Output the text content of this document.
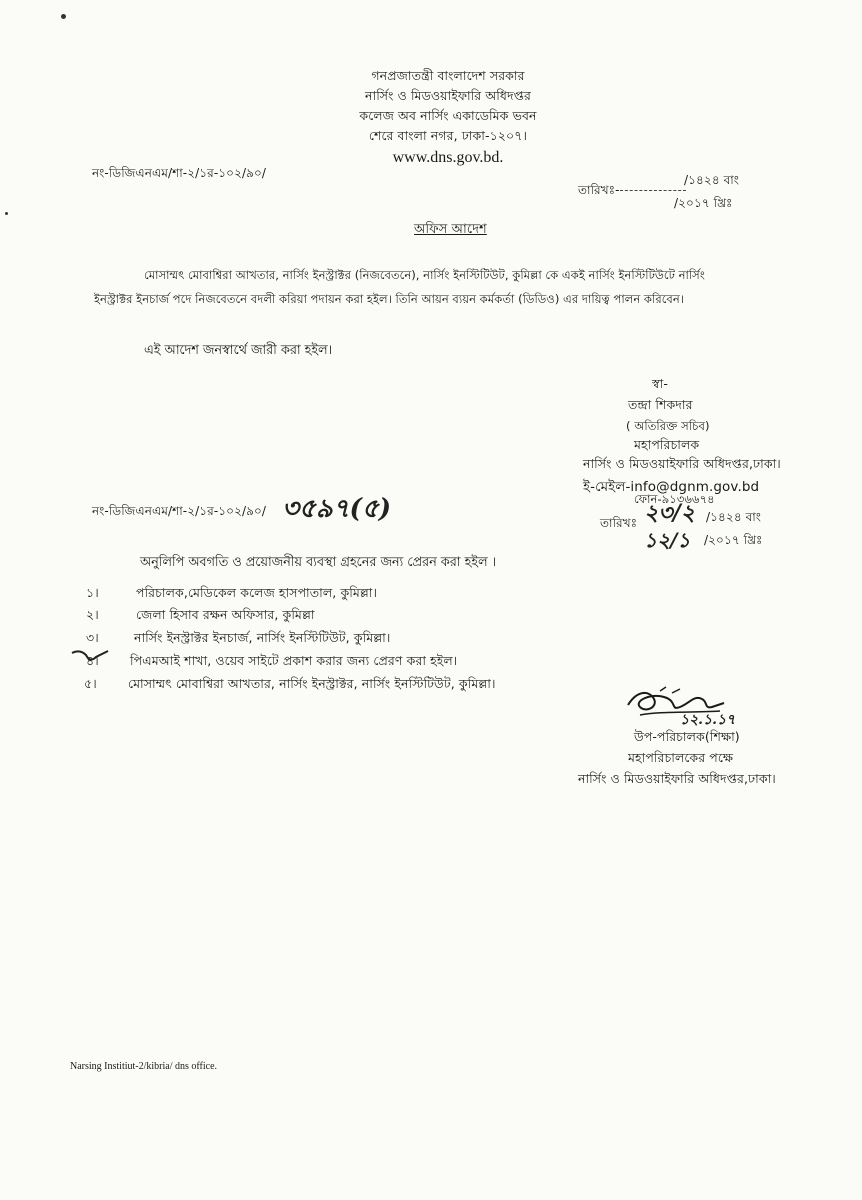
গনপ্রজাতন্ত্রী বাংলাদেশ সরকার
নার্সিং ও মিডওয়াইফারি অধিদপ্তর
কলেজ অব নার্সিং একাডেমিক ভবন
শেরে বাংলা নগর, ঢাকা-১২০৭।
www.dns.gov.bd.
নং-ডিজিএনএম/শা-২/১র-১০২/৯০/
তারিখঃ-
/১৪২৪ বাং
/২০১৭ খ্রিঃ
অফিস আদেশ
মোসাম্মৎ মোবাশ্বিরা আখতার, নার্সিং ইনস্ট্রাক্টর (নিজবেতনে), নার্সিং ইনস্টিটিউট, কুমিল্লা কে একই নার্সিং ইনস্টিটিউটে নার্সিং
ইনস্ট্রাক্টর ইনচার্জ পদে নিজবেতনে বদলী করিয়া পদায়ন করা হইল। তিনি আয়ন ব্যয়ন কর্মকর্তা (ডিডিও) এর দায়িত্ব পালন করিবেন।
এই আদেশ জনস্বার্থে জারী করা হইল।
স্বা-
তন্দ্রা শিকদার
( অতিরিক্ত সচিব)
মহাপরিচালক
নার্সিং ও মিডওয়াইফারি অধিদপ্তর,ঢাকা।
ই-মেইল-info@dgnm.gov.bd
ফোন-৯১৩৬৬৭৪
নং-ডিজিএনএম/শা-২/১র-১০২/৯০/ ৩৫৯৭(৫)	তারিখঃ ২৩/২ /১৪২৪ বাং
১২/১ /২০১৭ খ্রিঃ
অনুলিপি অবগতি ও প্রয়োজনীয় ব্যবস্থা গ্রহনের জন্য প্রেরন করা হইল ।
১।	পরিচালক,মেডিকেল কলেজ হাসপাতাল, কুমিল্লা।
২।	জেলা হিসাব রক্ষন অফিসার, কুমিল্লা
৩।	নার্সিং ইনস্ট্রাক্টর ইনচার্জ, নার্সিং ইনস্টিটিউট, কুমিল্লা।
৪। পিএমআই শাখা, ওয়েব সাইটে প্রকাশ করার জন্য প্রেরণ করা হইল।
৫। মোসাম্মৎ মোবাশ্বিরা আখতার, নার্সিং ইনস্ট্রাক্টর, নার্সিং ইনস্টিটিউট, কুমিল্লা।
১২.১.১৭
উপ-পরিচালক(শিক্ষা)
মহাপরিচালকের পক্ষে
নার্সিং ও মিডওয়াইফারি অধিদপ্তর,ঢাকা।
Narsing Institiut-2/kibria/ dns office.
